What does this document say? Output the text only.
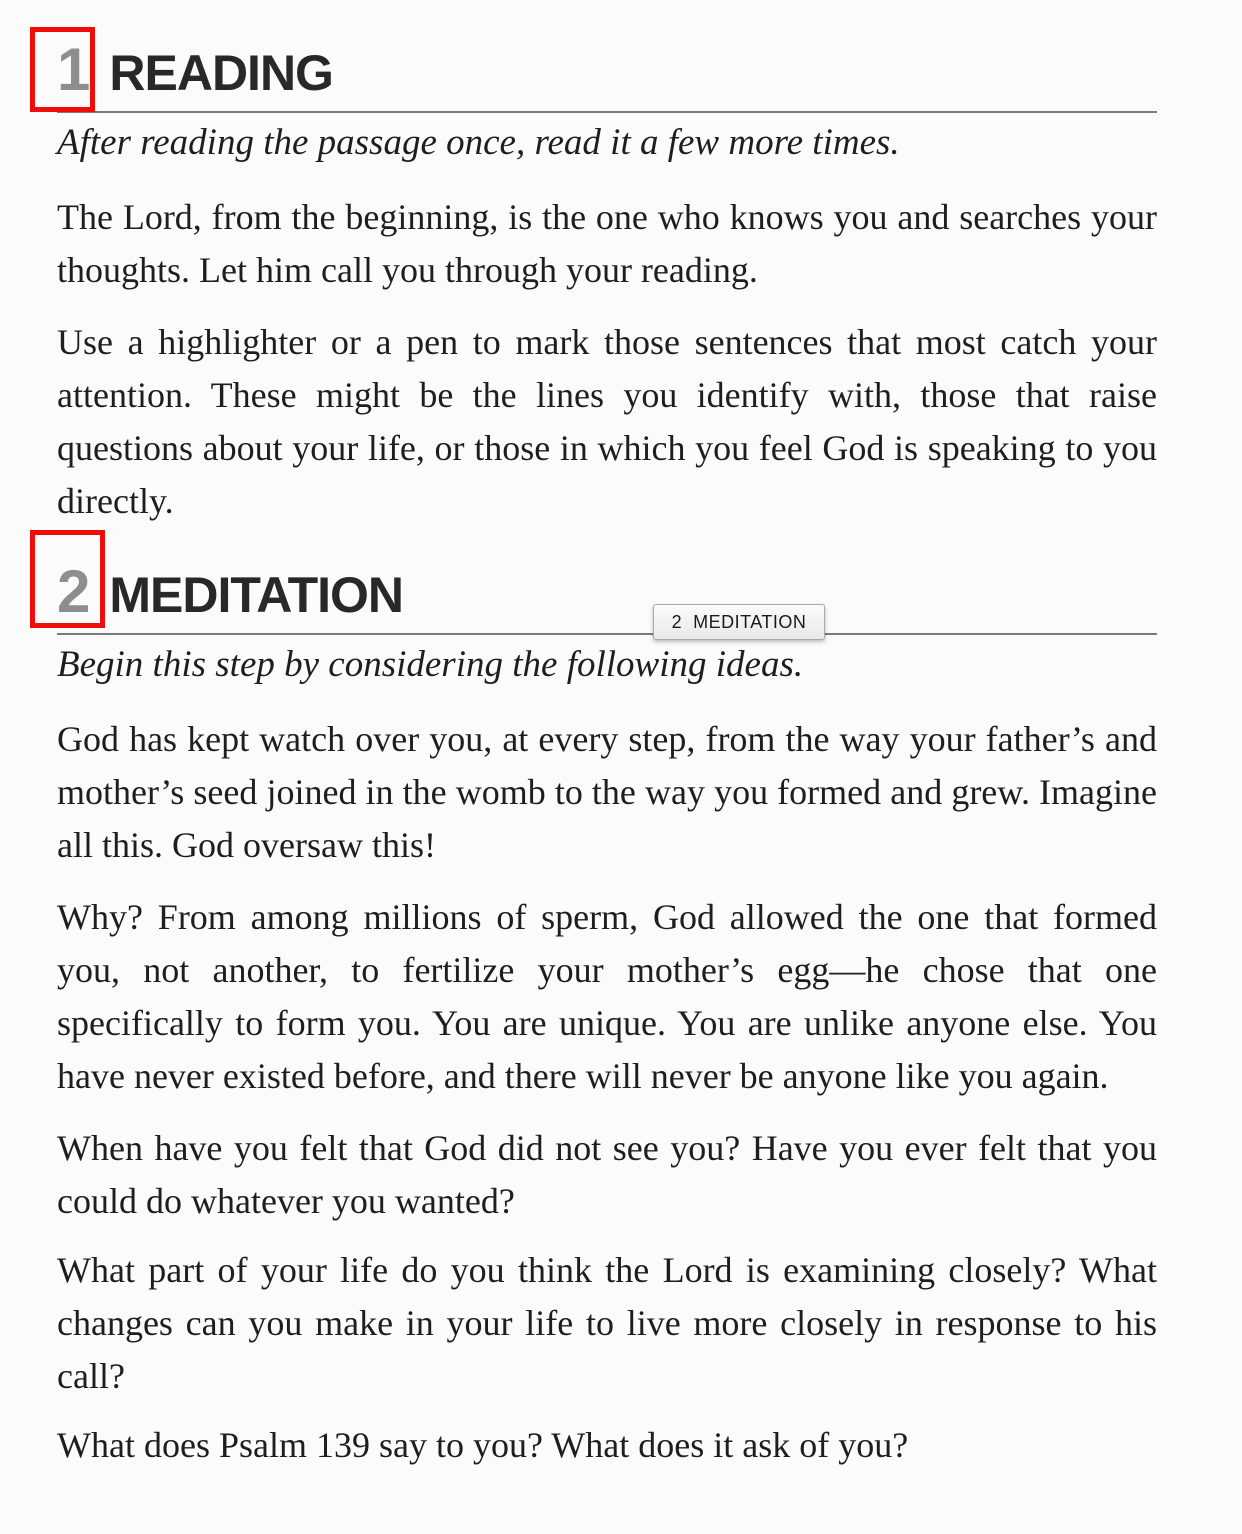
1 READING

After reading the passage once, read it a few more times.

The Lord, from the beginning, is the one who knows you and searches your thoughts. Let him call you through your reading.

Use a highlighter or a pen to mark those sentences that most catch your attention. These might be the lines you identify with, those that raise questions about your life, or those in which you feel God is speaking to you directly.

2 MEDITATION

Begin this step by considering the following ideas.

God has kept watch over you, at every step, from the way your father’s and mother’s seed joined in the womb to the way you formed and grew. Imagine all this. God oversaw this!

Why? From among millions of sperm, God allowed the one that formed you, not another, to fertilize your mother’s egg—he chose that one specifically to form you. You are unique. You are unlike anyone else. You have never existed before, and there will never be anyone like you again.

When have you felt that God did not see you? Have you ever felt that you could do whatever you wanted?

What part of your life do you think the Lord is examining closely? What changes can you make in your life to live more closely in response to his call?

What does Psalm 139 say to you? What does it ask of you?

2  MEDITATION
